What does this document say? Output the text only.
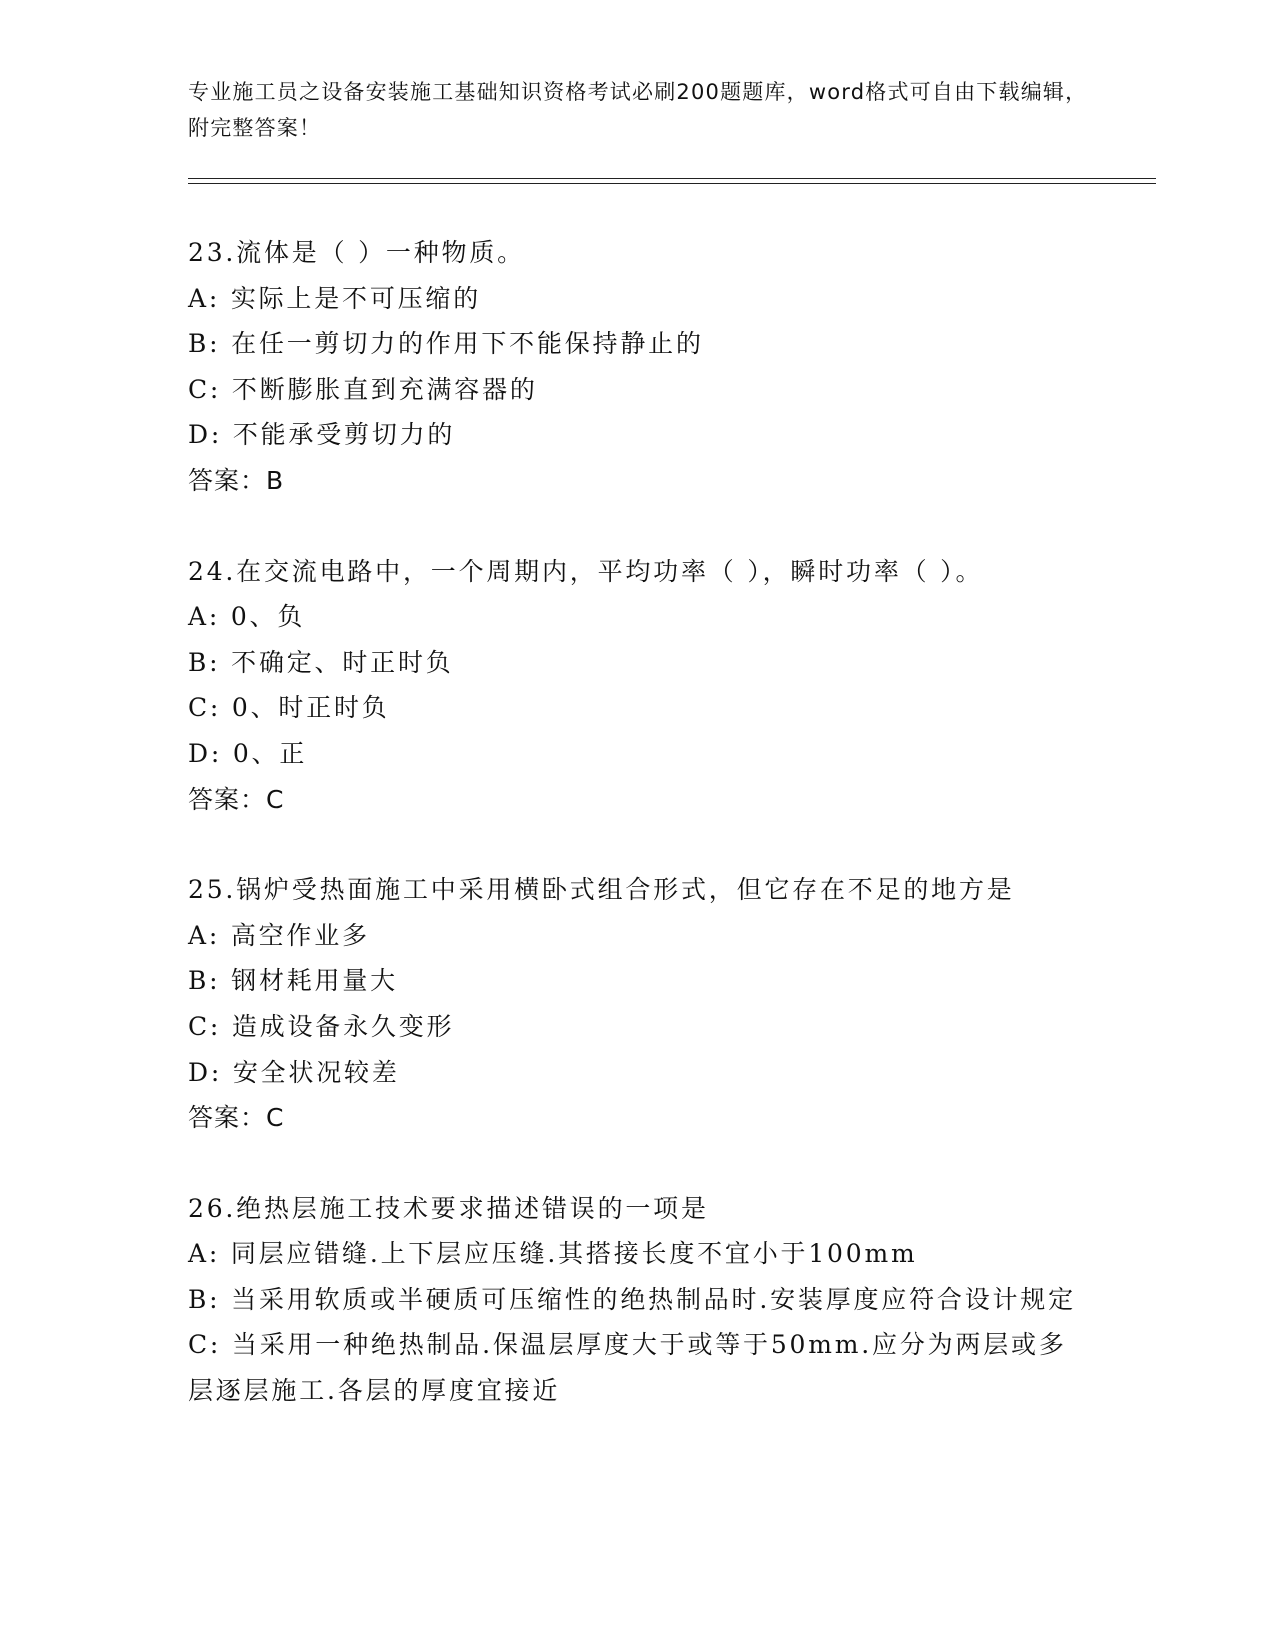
专业施工员之设备安装施工基础知识资格考试必刷200题题库，word格式可自由下载编辑，附完整答案！
23.流体是（ ）一种物质。
A: 实际上是不可压缩的
B: 在任一剪切力的作用下不能保持静止的
C: 不断膨胀直到充满容器的
D: 不能承受剪切力的
答案：B
24.在交流电路中，一个周期内，平均功率（ ），瞬时功率（ ）。
A: 0、负
B: 不确定、时正时负
C: 0、时正时负
D: 0、正
答案：C
25.锅炉受热面施工中采用横卧式组合形式，但它存在不足的地方是
A: 高空作业多
B: 钢材耗用量大
C: 造成设备永久变形
D: 安全状况较差
答案：C
26.绝热层施工技术要求描述错误的一项是
A: 同层应错缝.上下层应压缝.其搭接长度不宜小于100mm
B: 当采用软质或半硬质可压缩性的绝热制品时.安装厚度应符合设计规定
C: 当采用一种绝热制品.保温层厚度大于或等于50mm.应分为两层或多层逐层施工.各层的厚度宜接近
